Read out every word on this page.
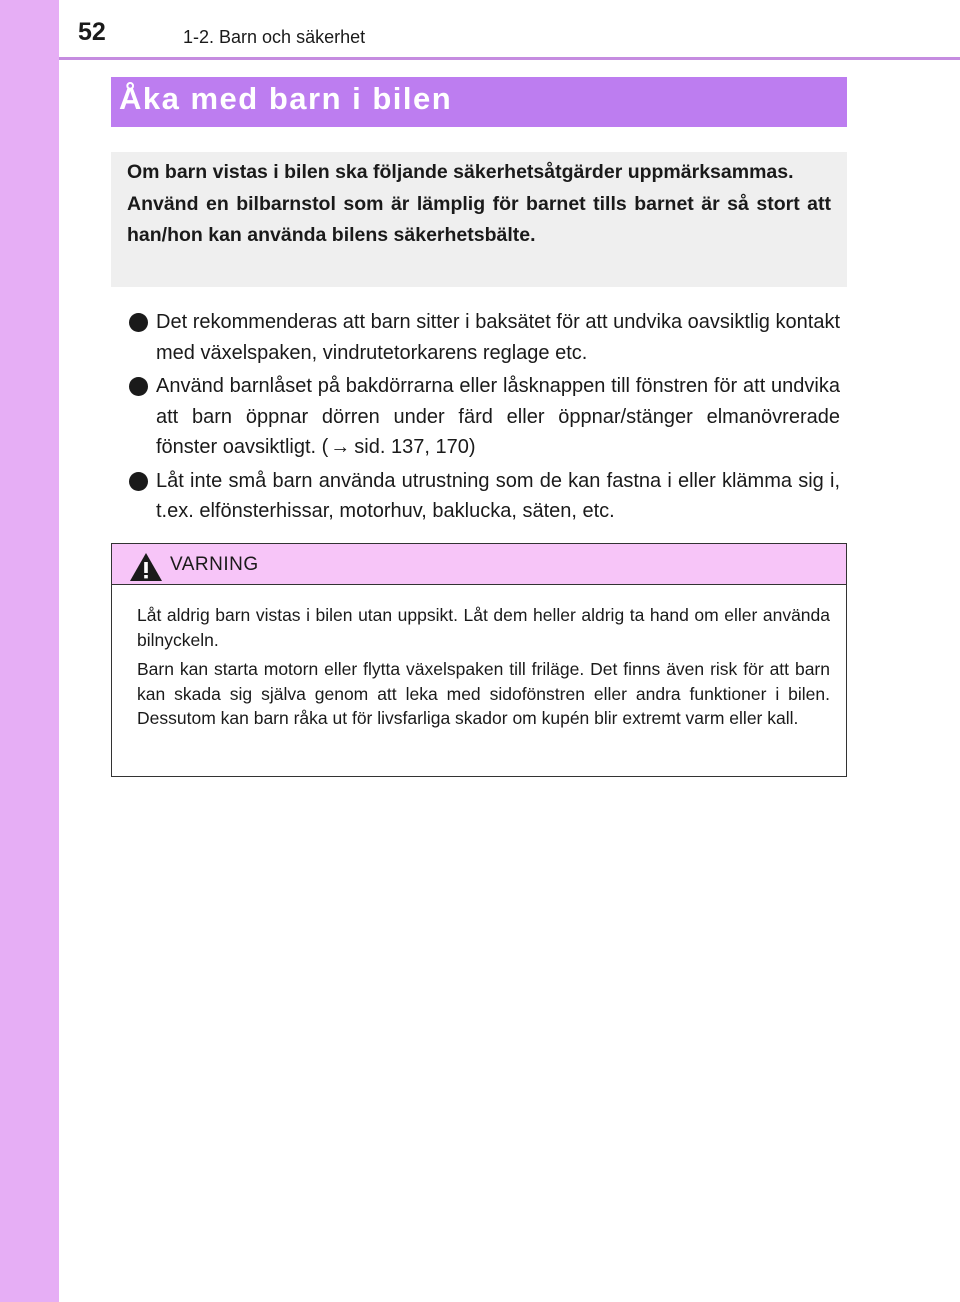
52	1-2. Barn och säkerhet
Åka med barn i bilen

Om barn vistas i bilen ska följande säkerhetsåtgärder uppmärksammas.

Använd en bilbarnstol som är lämplig för barnet tills barnet är så stort att han/hon kan använda bilens säkerhetsbälte.

Det rekommenderas att barn sitter i baksätet för att undvika oavsiktlig kontakt med växelspaken, vindrutetorkarens reglage etc.
Använd barnlåset på bakdörrarna eller låsknappen till fönstren för att undvika att barn öppnar dörren under färd eller öppnar/stänger elmanövrerade fönster oavsiktligt. ( → sid. 137, 170)
Låt inte små barn använda utrustning som de kan fastna i eller klämma sig i, t.ex. elfönsterhissar, motorhuv, baklucka, säten, etc.
VARNING

Låt aldrig barn vistas i bilen utan uppsikt. Låt dem heller aldrig ta hand om eller använda bilnyckeln.

Barn kan starta motorn eller flytta växelspaken till friläge. Det finns även risk för att barn kan skada sig själva genom att leka med sidofönstren eller andra funktioner i bilen. Dessutom kan barn råka ut för livsfarliga skador om kupén blir extremt varm eller kall.
